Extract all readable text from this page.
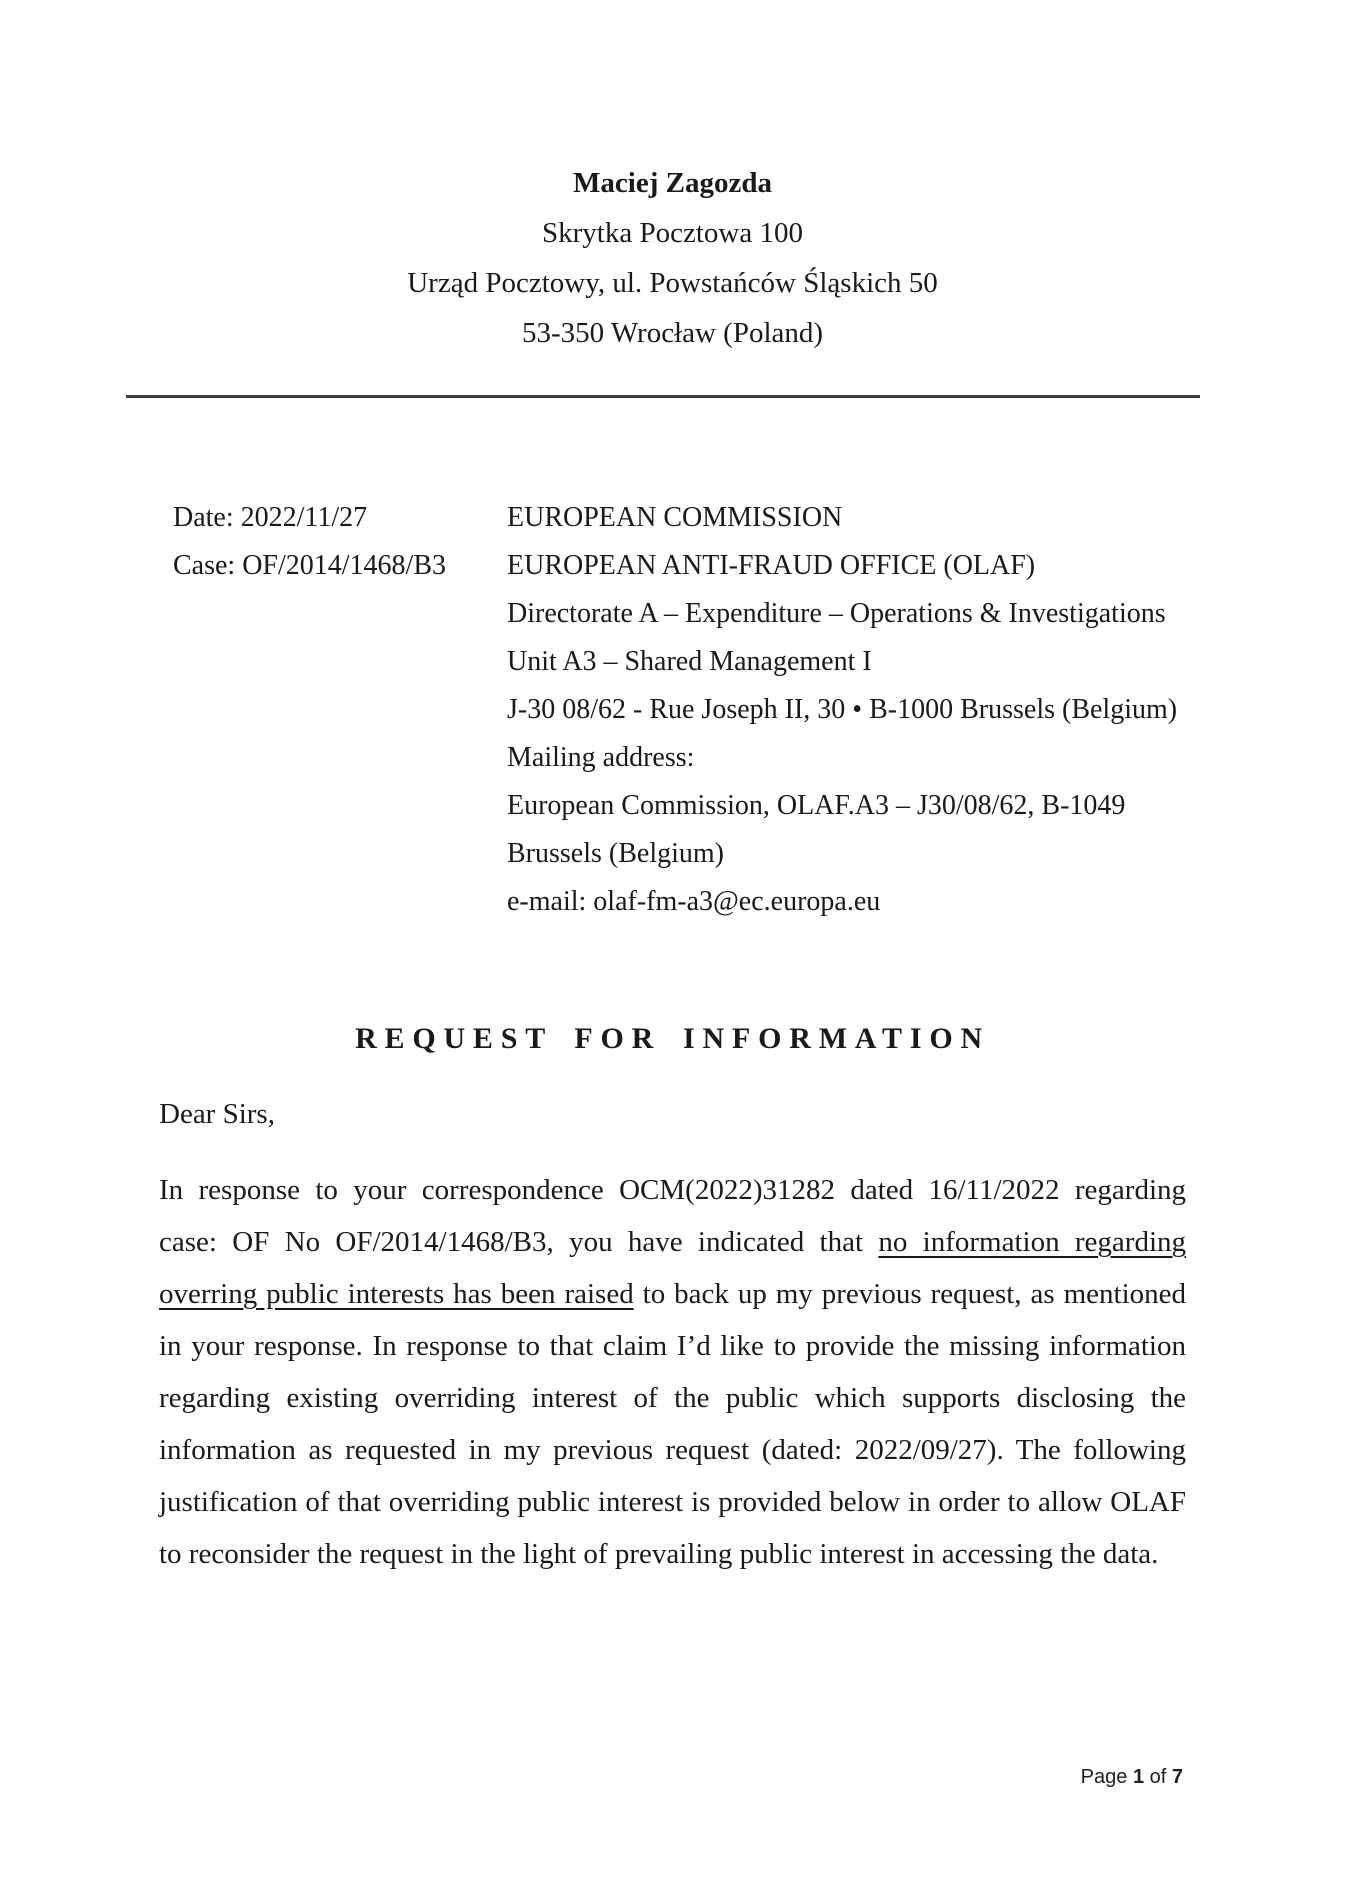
Maciej Zagozda
Skrytka Pocztowa 100
Urząd Pocztowy, ul. Powstańców Śląskich 50
53-350 Wrocław (Poland)
Date: 2022/11/27
Case: OF/2014/1468/B3
EUROPEAN COMMISSION
EUROPEAN ANTI-FRAUD OFFICE (OLAF)
Directorate A – Expenditure – Operations & Investigations
Unit A3 – Shared Management I
J-30 08/62 - Rue Joseph II, 30 • B-1000 Brussels (Belgium)
Mailing address:
European Commission, OLAF.A3 – J30/08/62, B-1049
Brussels (Belgium)
e-mail: olaf-fm-a3@ec.europa.eu
REQUEST FOR INFORMATION

Dear Sirs,

In response to your correspondence OCM(2022)31282 dated 16/11/2022 regarding case: OF No OF/2014/1468/B3, you have indicated that no information regarding overring public interests has been raised to back up my previous request, as mentioned in your response. In response to that claim I’d like to provide the missing information regarding existing overriding interest of the public which supports disclosing the information as requested in my previous request (dated: 2022/09/27). The following justification of that overriding public interest is provided below in order to allow OLAF to reconsider the request in the light of prevailing public interest in accessing the data.

Page 1 of 7
